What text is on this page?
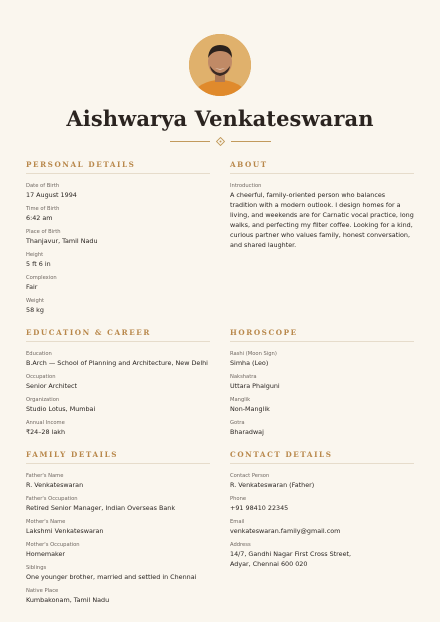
Aishwarya Venkateswaran
PERSONAL DETAILS
Date of Birth
17 August 1994
Time of Birth
6:42 am
Place of Birth
Thanjavur, Tamil Nadu
Height
5 ft 6 in
Complexion
Fair
Weight
58 kg
ABOUT
Introduction
A cheerful, family-oriented person who balances tradition with a modern outlook. I design homes for a living, and weekends are for Carnatic vocal practice, long walks, and perfecting my filter coffee. Looking for a kind, curious partner who values family, honest conversation, and shared laughter.
EDUCATION & CAREER
Education
B.Arch — School of Planning and Architecture, New Delhi
Occupation
Senior Architect
Organization
Studio Lotus, Mumbai
Annual Income
₹24–28 lakh
HOROSCOPE
Rashi (Moon Sign)
Simha (Leo)
Nakshatra
Uttara Phalguni
Manglik
Non-Manglik
Gotra
Bharadwaj
FAMILY DETAILS
Father's Name
R. Venkateswaran
Father's Occupation
Retired Senior Manager, Indian Overseas Bank
Mother's Name
Lakshmi Venkateswaran
Mother's Occupation
Homemaker
Siblings
One younger brother, married and settled in Chennai
Native Place
Kumbakonam, Tamil Nadu
CONTACT DETAILS
Contact Person
R. Venkateswaran (Father)
Phone
+91 98410 22345
Email
venkateswaran.family@gmail.com
Address
14/7, Gandhi Nagar First Cross Street, Adyar, Chennai 600 020
